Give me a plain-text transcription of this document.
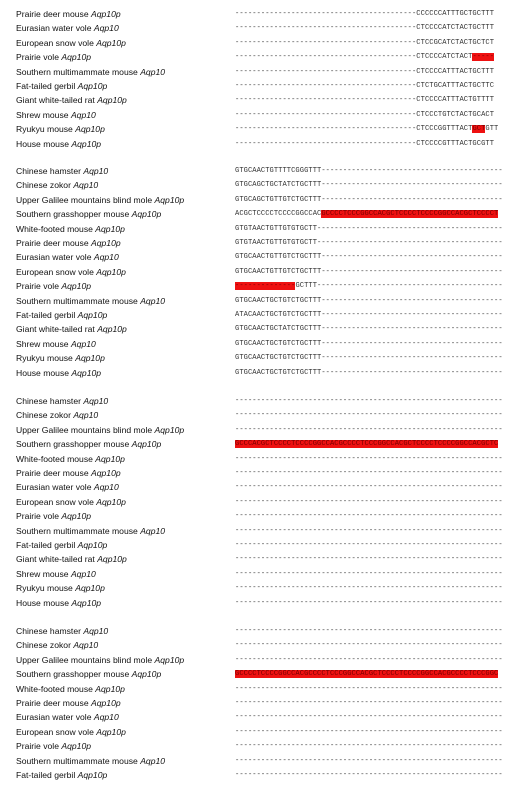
Prairie deer mouse Aqp10p	------------------------------------------CCCCCCATTTGCTGCTTT
Eurasian water vole Aqp10	------------------------------------------CTCCCCATCTACTGCTTT
European snow vole Aqp10p	------------------------------------------CTCCGCATCTACTGCTCT
Prairie vole Aqp10p	------------------------------------------CTCCCCATCTACT-----
Southern multimammate mouse Aqp10	------------------------------------------CTCCCCATTTACTGCTTT
Fat-tailed gerbil Aqp10p	------------------------------------------CTCTGCATTTACTGCTTC
Giant white-tailed rat Aqp10p	------------------------------------------CTCCCCATTTACTGTTTT
Shrew mouse Aqp10	------------------------------------------CTCCCTGTCTACTGCACT
Ryukyu mouse Aqp10p	------------------------------------------CTCCCGGTTTACTGCTGTT
House mouse Aqp10p	------------------------------------------CTCCCCGTTTACTGCGTT
Chinese hamster Aqp10	GTGCAACTGTTTTCGGGTTT------------------------------------------
Chinese zokor Aqp10	GTGCAGCTGCTATCTGCTTT------------------------------------------
Upper Galilee mountains blind mole Aqp10p	GTGCAGCTGTTGTCTGCTTT------------------------------------------
Southern grasshopper mouse Aqp10p	ACGCTCCCCTCCCCGGCCACGCCCCTCCCGGCCACGCTCCCCTCCCCGGCCACGCTCCCCT
White-footed mouse Aqp10p	GTGTAACTGTTGTGTGCTT-------------------------------------------
Prairie deer mouse Aqp10p	GTGTAACTGTTGTGTGCTT-------------------------------------------
Eurasian water vole Aqp10	GTGCAACTGTTGTCTGCTTT------------------------------------------
European snow vole Aqp10p	GTGCAACTGTTGTCTGCTTT------------------------------------------
Prairie vole Aqp10p	--------------GCTTT-------------------------------------------
Southern multimammate mouse Aqp10	GTGCAACTGCTGTCTGCTTT------------------------------------------
Fat-tailed gerbil Aqp10p	ATACAACTGCTGTCTGCTTT------------------------------------------
Giant white-tailed rat Aqp10p	GTGCAACTGCTATCTGCTTT------------------------------------------
Shrew mouse Aqp10	GTGCAACTGCTGTCTGCTTT------------------------------------------
Ryukyu mouse Aqp10p	GTGCAACTGCTGTCTGCTTT------------------------------------------
House mouse Aqp10p	GTGCAACTGCTGTCTGCTTT------------------------------------------
Chinese hamster Aqp10	--------------------------------------------------------------
Chinese zokor Aqp10	--------------------------------------------------------------
Upper Galilee mountains blind mole Aqp10p	--------------------------------------------------------------
Southern grasshopper mouse Aqp10p	GCCCACGCTCCCCTCCCCGGCCACGCCCCTCCCGGCCACGCTCCCCTCCCCGGCCACGCTC
White-footed mouse Aqp10p	--------------------------------------------------------------
Prairie deer mouse Aqp10p	--------------------------------------------------------------
Eurasian water vole Aqp10	--------------------------------------------------------------
European snow vole Aqp10p	--------------------------------------------------------------
Prairie vole Aqp10p	--------------------------------------------------------------
Southern multimammate mouse Aqp10	--------------------------------------------------------------
Fat-tailed gerbil Aqp10p	--------------------------------------------------------------
Giant white-tailed rat Aqp10p	--------------------------------------------------------------
Shrew mouse Aqp10	--------------------------------------------------------------
Ryukyu mouse Aqp10p	--------------------------------------------------------------
House mouse Aqp10p	--------------------------------------------------------------
Chinese hamster Aqp10	--------------------------------------------------------------
Chinese zokor Aqp10	--------------------------------------------------------------
Upper Galilee mountains blind mole Aqp10p	--------------------------------------------------------------
Southern grasshopper mouse Aqp10p	GCCCCTCCCCGGCCACGCCCCTCCCGGCCACGCTCCCCTCCCCGGCCACGCCCCTCCCGGC
White-footed mouse Aqp10p	--------------------------------------------------------------
Prairie deer mouse Aqp10p	--------------------------------------------------------------
Eurasian water vole Aqp10	--------------------------------------------------------------
European snow vole Aqp10p	--------------------------------------------------------------
Prairie vole Aqp10p	--------------------------------------------------------------
Southern multimammate mouse Aqp10	--------------------------------------------------------------
Fat-tailed gerbil Aqp10p	--------------------------------------------------------------
